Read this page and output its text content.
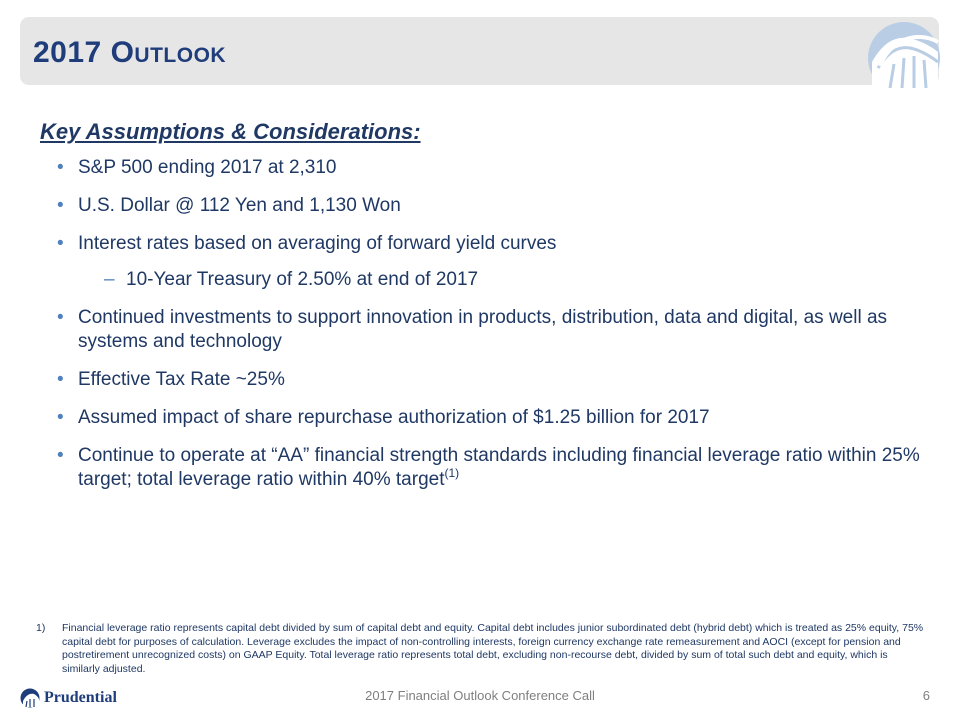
2017 Outlook
Key Assumptions & Considerations:
• S&P 500 ending 2017 at 2,310
• U.S. Dollar @ 112 Yen and 1,130 Won
• Interest rates based on averaging of forward yield curves
– 10-Year Treasury of 2.50% at end of 2017
• Continued investments to support innovation in products, distribution, data and digital, as well as systems and technology
• Effective Tax Rate ~25%
• Assumed impact of share repurchase authorization of $1.25 billion for 2017
• Continue to operate at “AA” financial strength standards including financial leverage ratio within 25% target; total leverage ratio within 40% target$^{(1)}$
1)	Financial leverage ratio represents capital debt divided by sum of capital debt and equity. Capital debt includes junior subordinated debt (hybrid debt) which is treated as 25% equity, 75% capital debt for purposes of calculation. Leverage excludes the impact of non-controlling interests, foreign currency exchange rate remeasurement and AOCI (except for pension and postretirement unrecognized costs) on GAAP Equity. Total leverage ratio represents total debt, excluding non-recourse debt, divided by sum of total such debt and equity, which is similarly adjusted.
Prudential	2017 Financial Outlook Conference Call	6
